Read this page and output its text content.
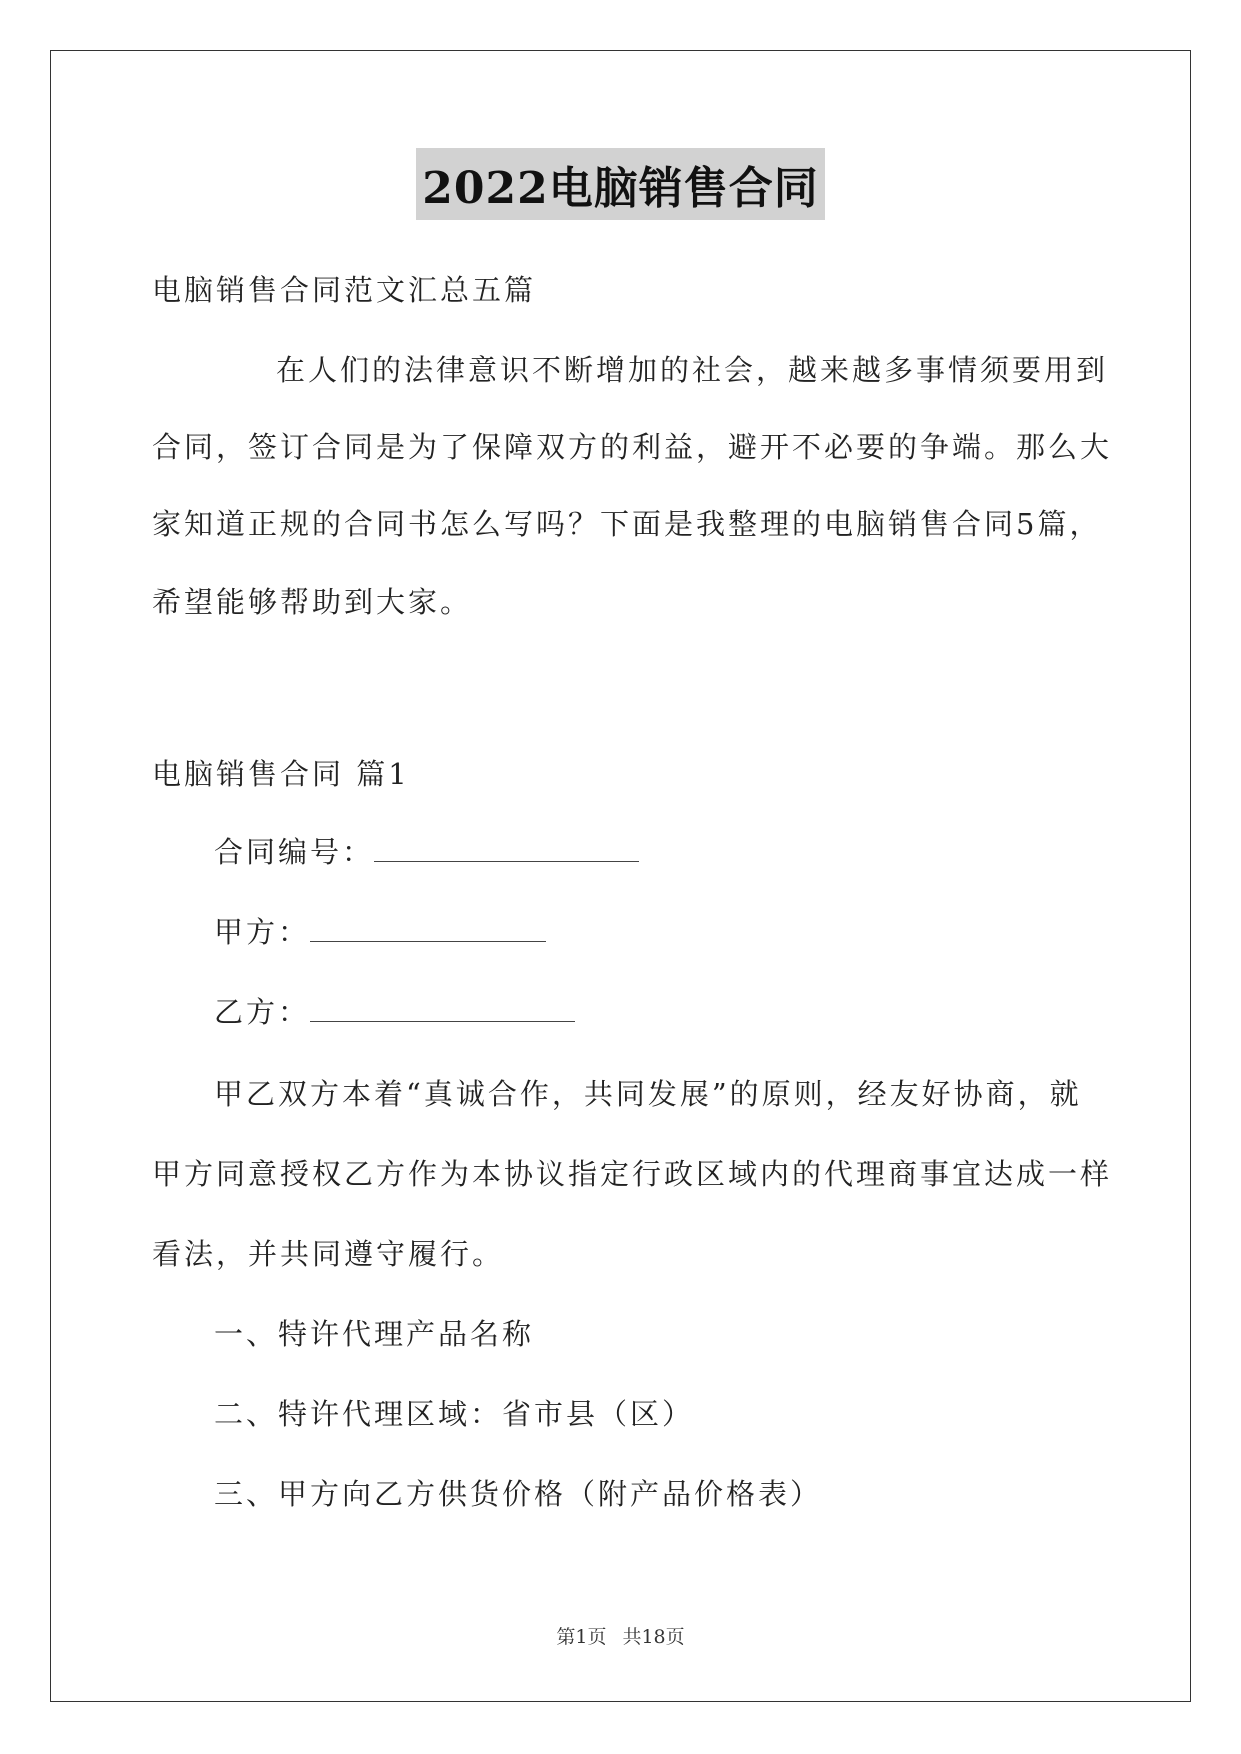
2022电脑销售合同
电脑销售合同范文汇总五篇
在人们的法律意识不断增加的社会，越来越多事情须要用到
合同，签订合同是为了保障双方的利益，避开不必要的争端。那么大
家知道正规的合同书怎么写吗？下面是我整理的电脑销售合同5篇，
希望能够帮助到大家。
电脑销售合同 篇1
合同编号：
甲方：
乙方：
甲乙双方本着“真诚合作，共同发展”的原则，经友好协商，就
甲方同意授权乙方作为本协议指定行政区域内的代理商事宜达成一样
看法，并共同遵守履行。
一、特许代理产品名称
二、特许代理区域：省市县（区）
三、甲方向乙方供货价格（附产品价格表）
第1页 共18页
